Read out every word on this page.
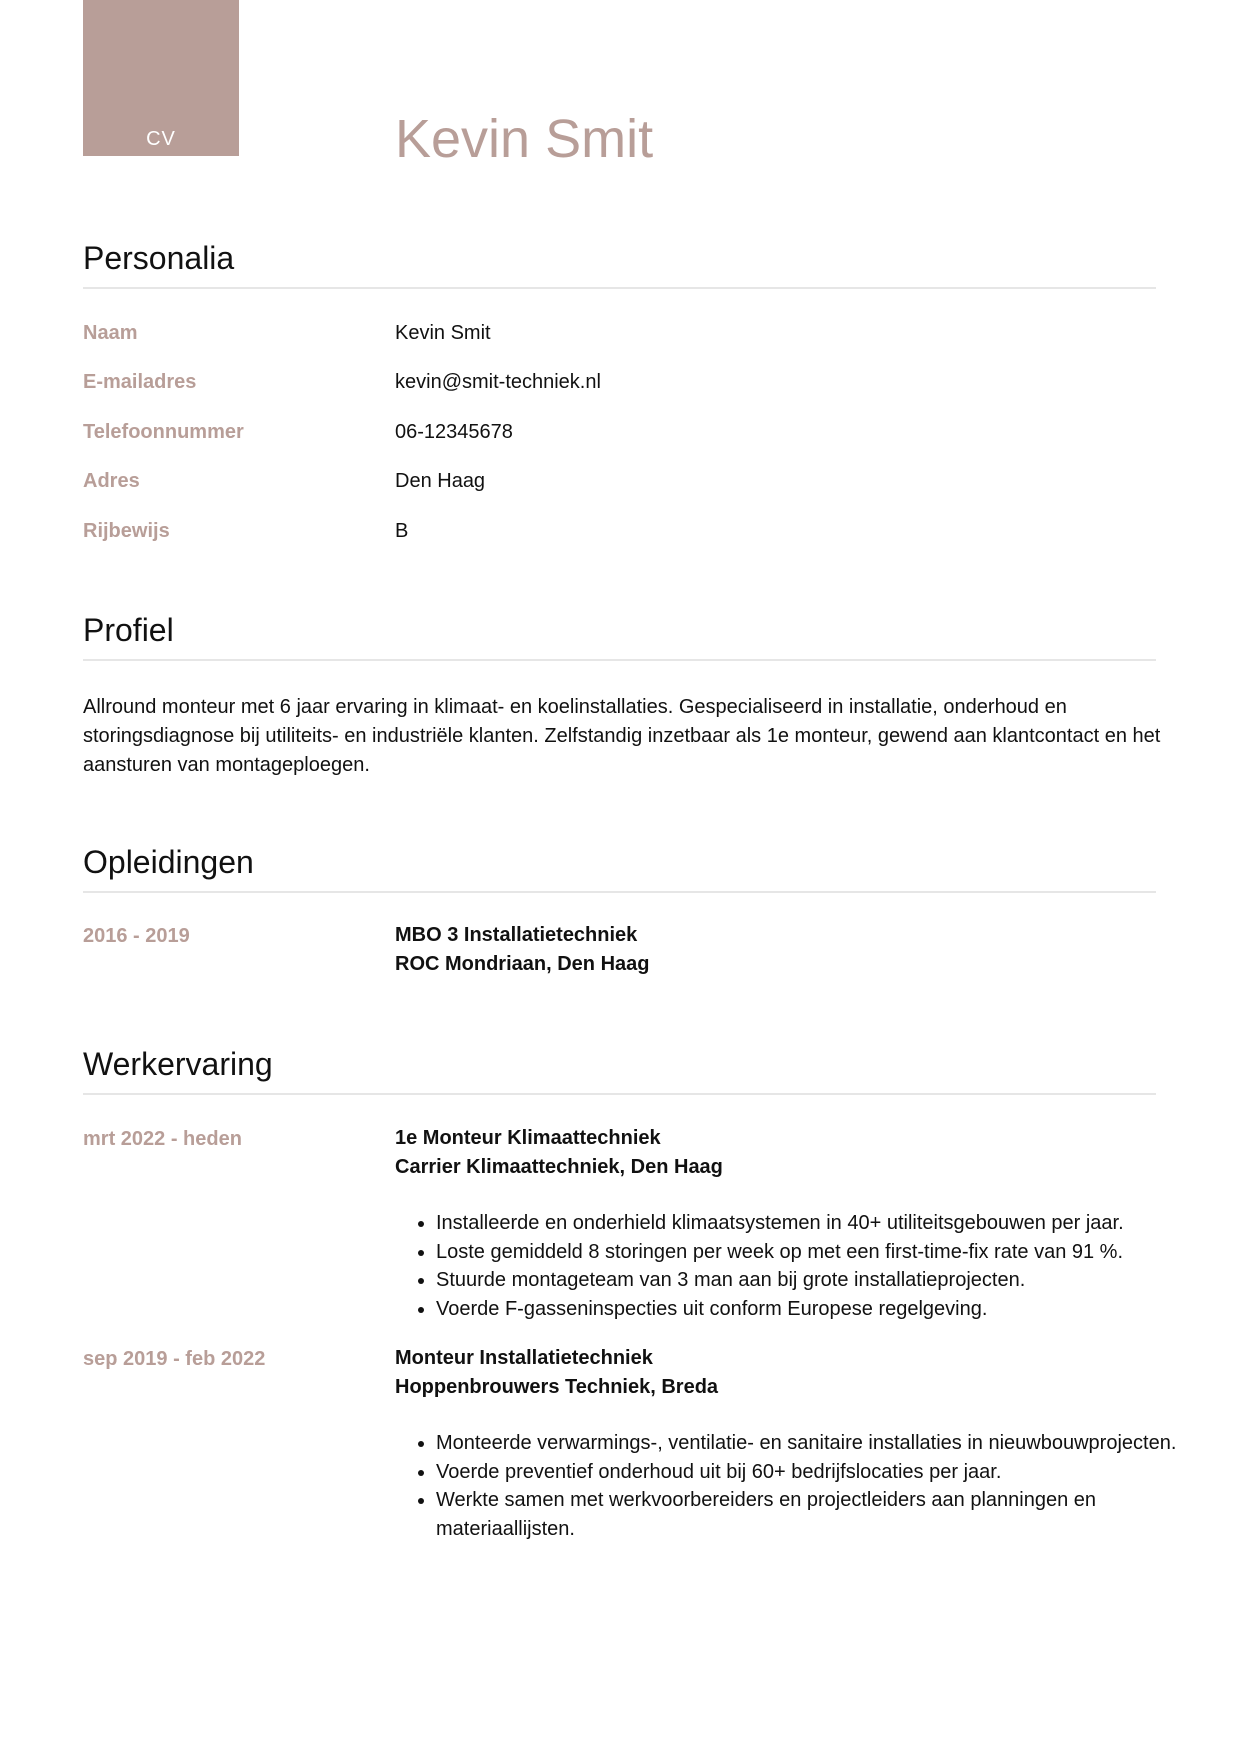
CV	Kevin Smit
Personalia
Naam	Kevin Smit
E-mailadres	kevin@smit-techniek.nl
Telefoonnummer	06-12345678
Adres	Den Haag
Rijbewijs	B
Profiel
Allround monteur met 6 jaar ervaring in klimaat- en koelinstallaties. Gespecialiseerd in installatie, onderhoud en storingsdiagnose bij utiliteits- en industriële klanten. Zelfstandig inzetbaar als 1e monteur, gewend aan klantcontact en het aansturen van montageploegen.
Opleidingen
2016 - 2019	MBO 3 Installatietechniek
ROC Mondriaan, Den Haag
Werkervaring
mrt 2022 - heden	1e Monteur Klimaattechniek
Carrier Klimaattechniek, Den Haag
• Installeerde en onderhield klimaatsystemen in 40+ utiliteitsgebouwen per jaar.
• Loste gemiddeld 8 storingen per week op met een first-time-fix rate van 91 %.
• Stuurde montageteam van 3 man aan bij grote installatieprojecten.
• Voerde F-gasseninspecties uit conform Europese regelgeving.
sep 2019 - feb 2022	Monteur Installatietechniek
Hoppenbrouwers Techniek, Breda
• Monteerde verwarmings-, ventilatie- en sanitaire installaties in nieuwbouwprojecten.
• Voerde preventief onderhoud uit bij 60+ bedrijfslocaties per jaar.
• Werkte samen met werkvoorbereiders en projectleiders aan planningen en materiaallijsten.
